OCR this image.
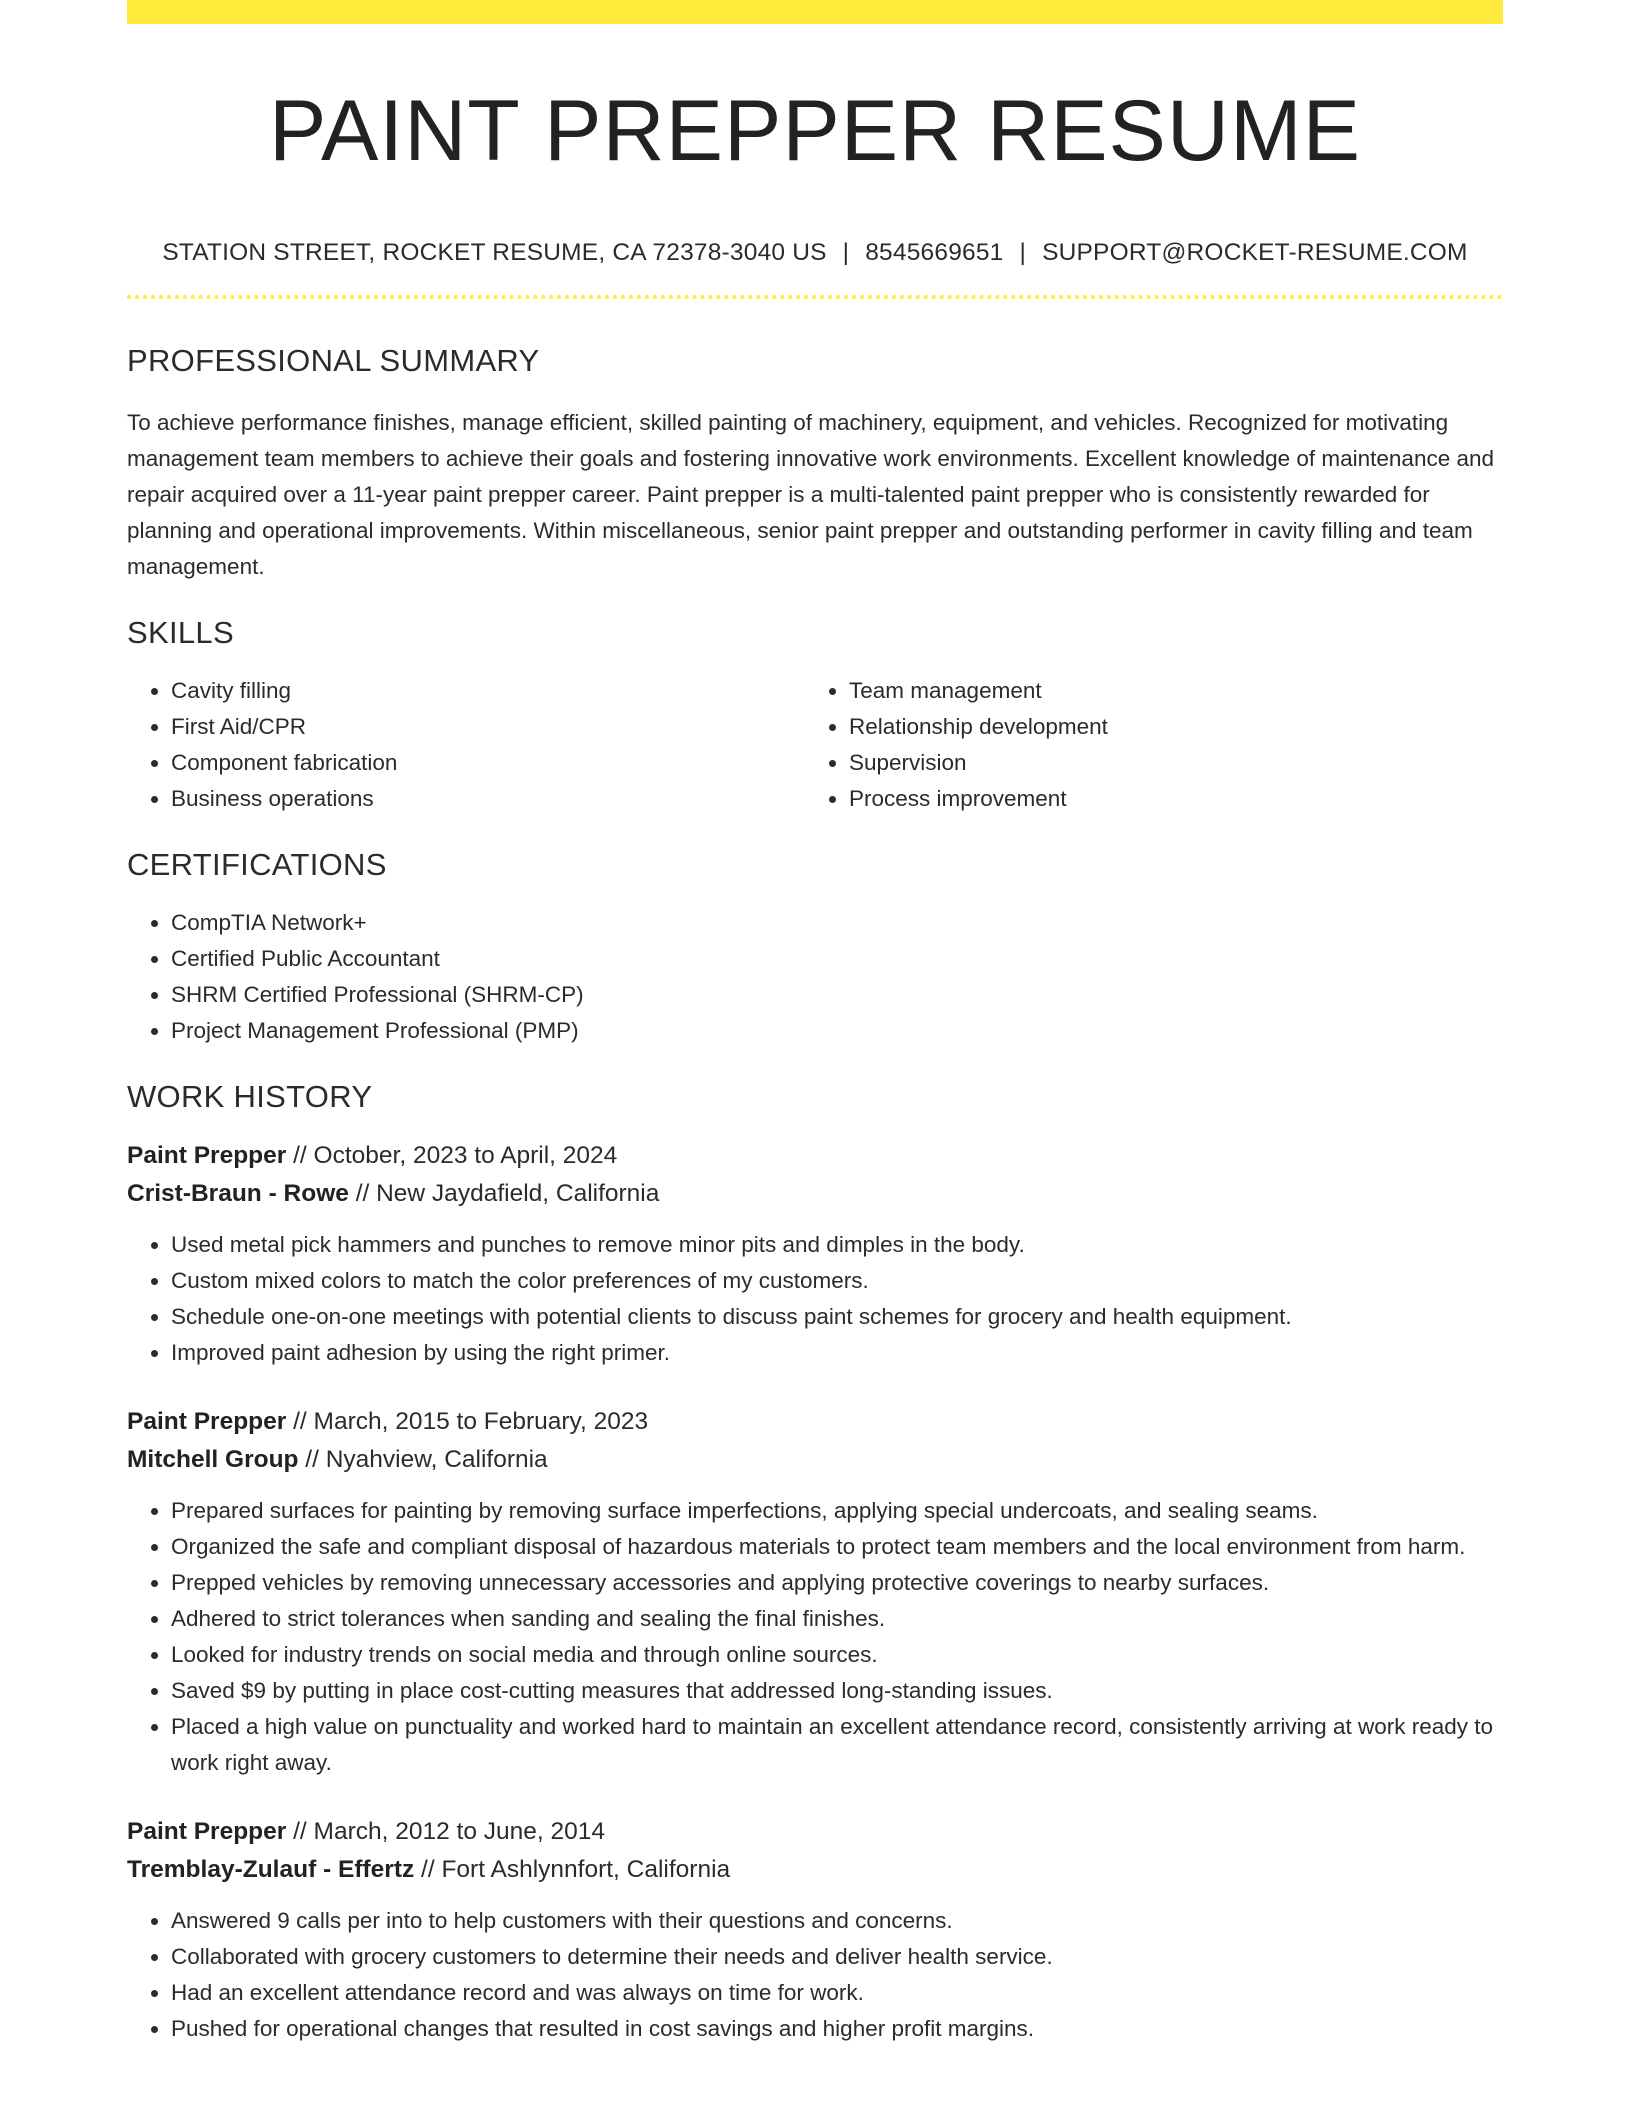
PAINT PREPPER RESUME
STATION STREET, ROCKET RESUME, CA 72378-3040 US | 8545669651 | SUPPORT@ROCKET-RESUME.COM
PROFESSIONAL SUMMARY

To achieve performance finishes, manage efficient, skilled painting of machinery, equipment, and vehicles. Recognized for motivating management team members to achieve their goals and fostering innovative work environments. Excellent knowledge of maintenance and repair acquired over a 11-year paint prepper career. Paint prepper is a multi-talented paint prepper who is consistently rewarded for planning and operational improvements. Within miscellaneous, senior paint prepper and outstanding performer in cavity filling and team management.

SKILLS
• Cavity filling
• First Aid/CPR
• Component fabrication
• Business operations
• Team management
• Relationship development
• Supervision
• Process improvement
CERTIFICATIONS
• CompTIA Network+
• Certified Public Accountant
• SHRM Certified Professional (SHRM-CP)
• Project Management Professional (PMP)
WORK HISTORY
Paint Prepper // October, 2023 to April, 2024
Crist-Braun - Rowe // New Jaydafield, California
• Used metal pick hammers and punches to remove minor pits and dimples in the body.
• Custom mixed colors to match the color preferences of my customers.
• Schedule one-on-one meetings with potential clients to discuss paint schemes for grocery and health equipment.
• Improved paint adhesion by using the right primer.
Paint Prepper // March, 2015 to February, 2023
Mitchell Group // Nyahview, California
• Prepared surfaces for painting by removing surface imperfections, applying special undercoats, and sealing seams.
• Organized the safe and compliant disposal of hazardous materials to protect team members and the local environment from harm.
• Prepped vehicles by removing unnecessary accessories and applying protective coverings to nearby surfaces.
• Adhered to strict tolerances when sanding and sealing the final finishes.
• Looked for industry trends on social media and through online sources.
• Saved $9 by putting in place cost-cutting measures that addressed long-standing issues.
• Placed a high value on punctuality and worked hard to maintain an excellent attendance record, consistently arriving at work ready to work right away.
Paint Prepper // March, 2012 to June, 2014
Tremblay-Zulauf - Effertz // Fort Ashlynnfort, California
• Answered 9 calls per into to help customers with their questions and concerns.
• Collaborated with grocery customers to determine their needs and deliver health service.
• Had an excellent attendance record and was always on time for work.
• Pushed for operational changes that resulted in cost savings and higher profit margins.
